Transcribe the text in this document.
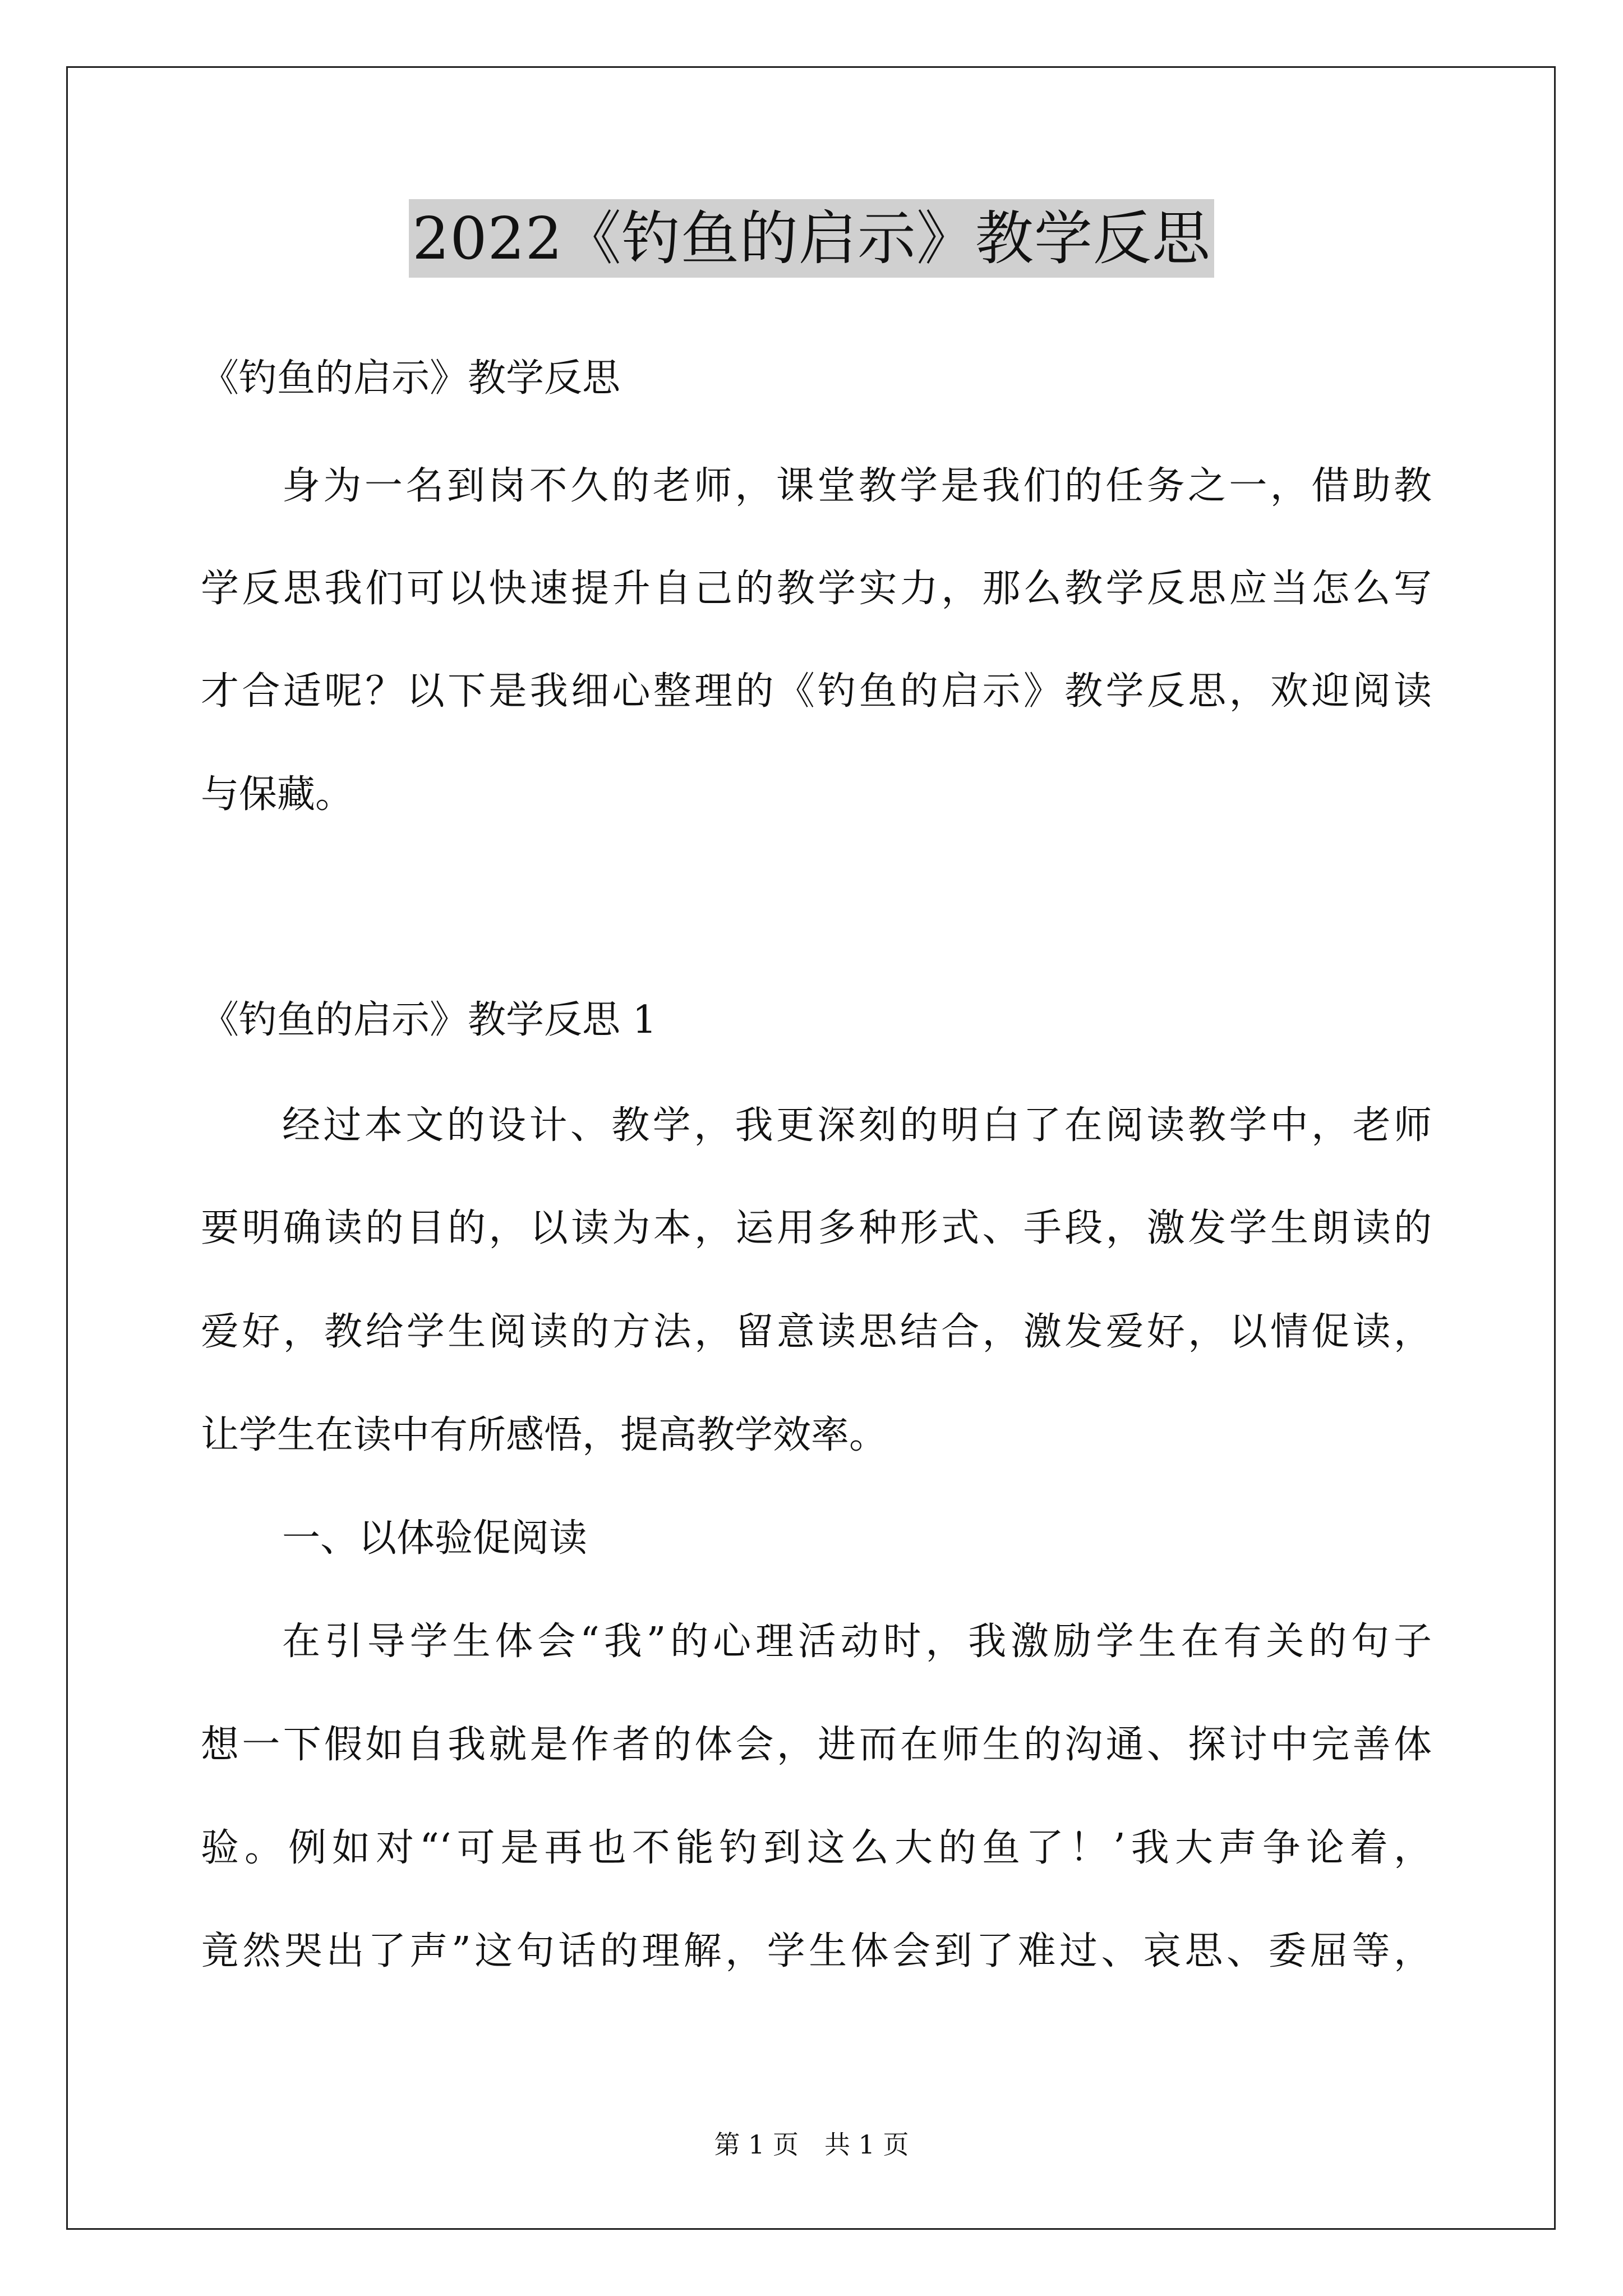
2022《钓鱼的启示》教学反思
《钓鱼的启示》教学反思
身为一名到岗不久的老师，课堂教学是我们的任务之一，借助教
学反思我们可以快速提升自己的教学实力，那么教学反思应当怎么写
才合适呢？以下是我细心整理的《钓鱼的启示》教学反思，欢迎阅读
与保藏。
《钓鱼的启示》教学反思 1
经过本文的设计、教学，我更深刻的明白了在阅读教学中，老师
要明确读的目的，以读为本，运用多种形式、手段，激发学生朗读的
爱好，教给学生阅读的方法，留意读思结合，激发爱好，以情促读，
让学生在读中有所感悟，提高教学效率。
一、以体验促阅读
在引导学生体会“我”的心理活动时，我激励学生在有关的句子
想一下假如自我就是作者的体会，进而在师生的沟通、探讨中完善体
验。例如对“‘可是再也不能钓到这么大的鱼了！’我大声争论着，
竟然哭出了声”这句话的理解，学生体会到了难过、哀思、委屈等，
第 1 页　共 1 页
